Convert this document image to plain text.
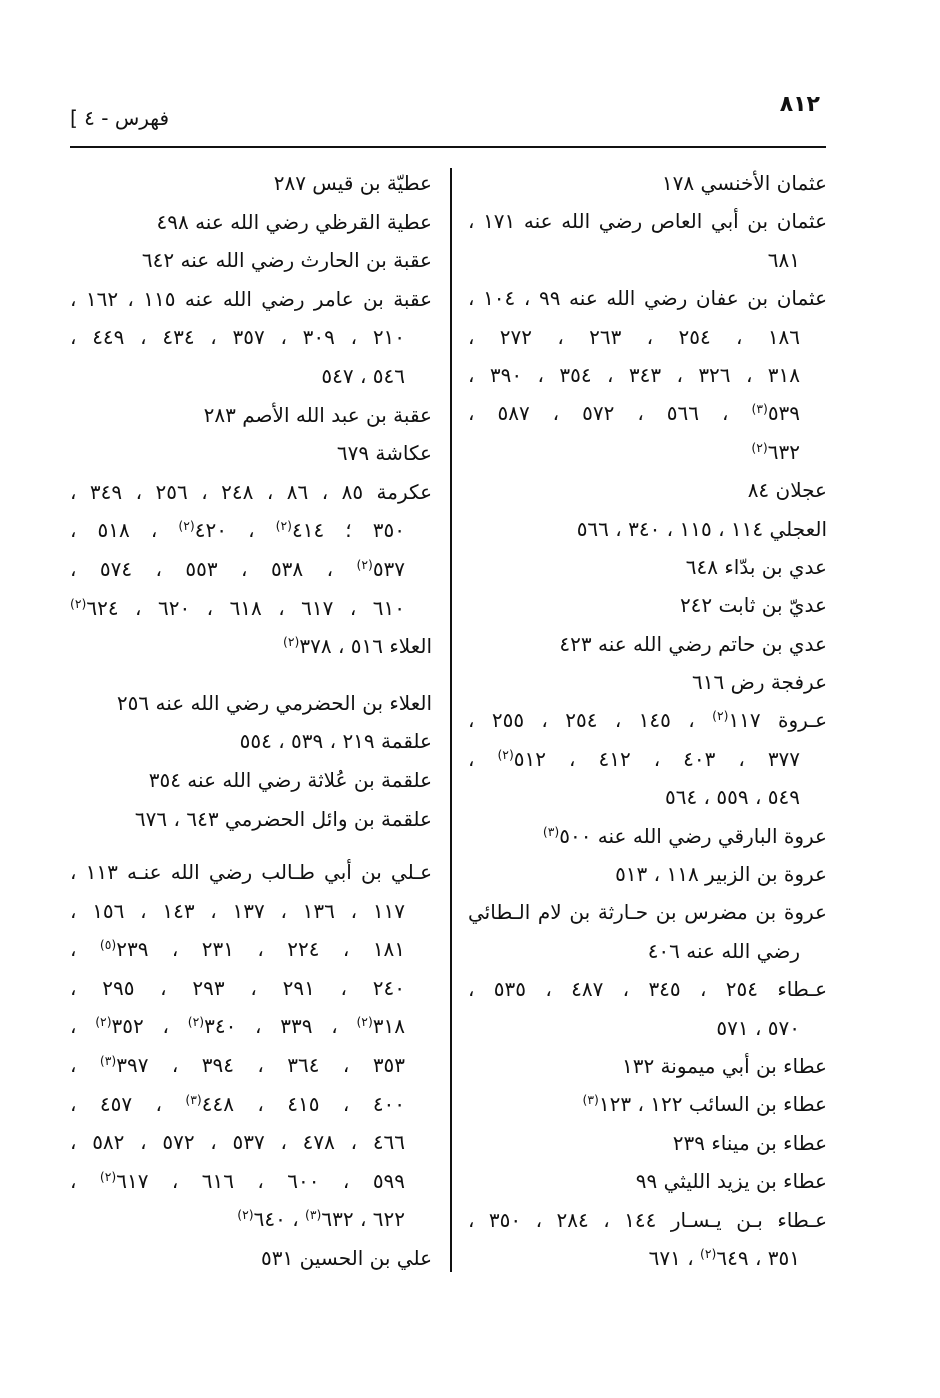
٨١٢
فهرس - ٤ ]
عثمان الأخنسي ١٧٨
عثمان بن أبي العاص رضي الله عنه ١٧١ ،
٦٨١
عثمان بن عفان رضي الله عنه ٩٩ ، ١٠٤ ،
١٨٦ ، ٢٥٤ ، ٢٦٣ ، ٢٧٢ ،
٣١٨ ، ٣٢٦ ، ٣٤٣ ، ٣٥٤ ، ٣٩٠ ،
٥٣٩$^{(٣)}$ ، ٥٦٦ ، ٥٧٢ ، ٥٨٧ ،
٦٣٢$^{(٢)}$
عجلان ٨٤
العجلي ١١٤ ، ١١٥ ، ٣٤٠ ، ٥٦٦
عدي بن بدّاء ٦٤٨
عديّ بن ثابت ٢٤٢
عدي بن حاتم رضي الله عنه ٤٢٣
عرفجة رض ٦١٦
عـروة ١١٧$^{(٢)}$ ، ١٤٥ ، ٢٥٤ ، ٢٥٥ ،
٣٧٧ ، ٤٠٣ ، ٤١٢ ، ٥١٢$^{(٢)}$ ،
٥٤٩ ، ٥٥٩ ، ٥٦٤
عروة البارقي رضي الله عنه ٥٠٠$^{(٣)}$
عروة بن الزبير ١١٨ ، ٥١٣
عروة بن مضرس بن حـارثة بن لام الـطائي
رضي الله عنه ٤٠٦
عـطاء ٢٥٤ ، ٣٤٥ ، ٤٨٧ ، ٥٣٥ ،
٥٧٠ ، ٥٧١
عطاء بن أبي ميمونة ١٣٢
عطاء بن السائب ١٢٢ ، ١٢٣$^{(٣)}$
عطاء بن ميناء ٢٣٩
عطاء بن يزيد الليثي ٩٩
عـطاء بـن يـسـار ١٤٤ ، ٢٨٤ ، ٣٥٠ ،
٣٥١ ، ٦٤٩$^{(٢)}$ ، ٦٧١
عطيّة بن قيس ٢٨٧
عطية القرظي رضي الله عنه ٤٩٨
عقبة بن الحارث رضي الله عنه ٦٤٢
عقبة بن عامر رضي الله عنه ١١٥ ، ١٦٢ ،
٢١٠ ، ٣٠٩ ، ٣٥٧ ، ٤٣٤ ، ٤٤٩ ،
٥٤٦ ، ٥٤٧
عقبة بن عبد الله الأصم ٢٨٣
عكاشة ٦٧٩
عكرمة ٨٥ ، ٨٦ ، ٢٤٨ ، ٢٥٦ ، ٣٤٩ ،
٣٥٠ ؛ ٤١٤$^{(٢)}$ ، ٤٢٠$^{(٢)}$ ، ٥١٨ ،
٥٣٧$^{(٢)}$ ، ٥٣٨ ، ٥٥٣ ، ٥٧٤ ،
٦١٠ ، ٦١٧ ، ٦١٨ ، ٦٢٠ ، ٦٢٤$^{(٢)}$
العلاء ٥١٦ ، ٣٧٨$^{(٢)}$
العلاء بن الحضرمي رضي الله عنه ٢٥٦
علقمة ٢١٩ ، ٥٣٩ ، ٥٥٤
علقمة بن عُلاثة رضي الله عنه ٣٥٤
علقمة بن وائل الحضرمي ٦٤٣ ، ٦٧٦
عـلي بن أبي طـالب رضي الله عنـه ١١٣ ،
١١٧ ، ١٣٦ ، ١٣٧ ، ١٤٣ ، ١٥٦ ،
١٨١ ، ٢٢٤ ، ٢٣١ ، ٢٣٩$^{(٥)}$ ،
٢٤٠ ، ٢٩١ ، ٢٩٣ ، ٢٩٥ ،
٣١٨$^{(٢)}$ ، ٣٣٩ ، ٣٤٠$^{(٢)}$ ، ٣٥٢$^{(٢)}$ ،
٣٥٣ ، ٣٦٤ ، ٣٩٤ ، ٣٩٧$^{(٣)}$ ،
٤٠٠ ، ٤١٥ ، ٤٤٨$^{(٣)}$ ، ٤٥٧ ،
٤٦٦ ، ٤٧٨ ، ٥٣٧ ، ٥٧٢ ، ٥٨٢ ،
٥٩٩ ، ٦٠٠ ، ٦١٦ ، ٦١٧$^{(٢)}$ ،
٦٢٢ ، ٦٣٢$^{(٣)}$ ، ٦٤٠$^{(٢)}$
علي بن الحسين ٥٣١
